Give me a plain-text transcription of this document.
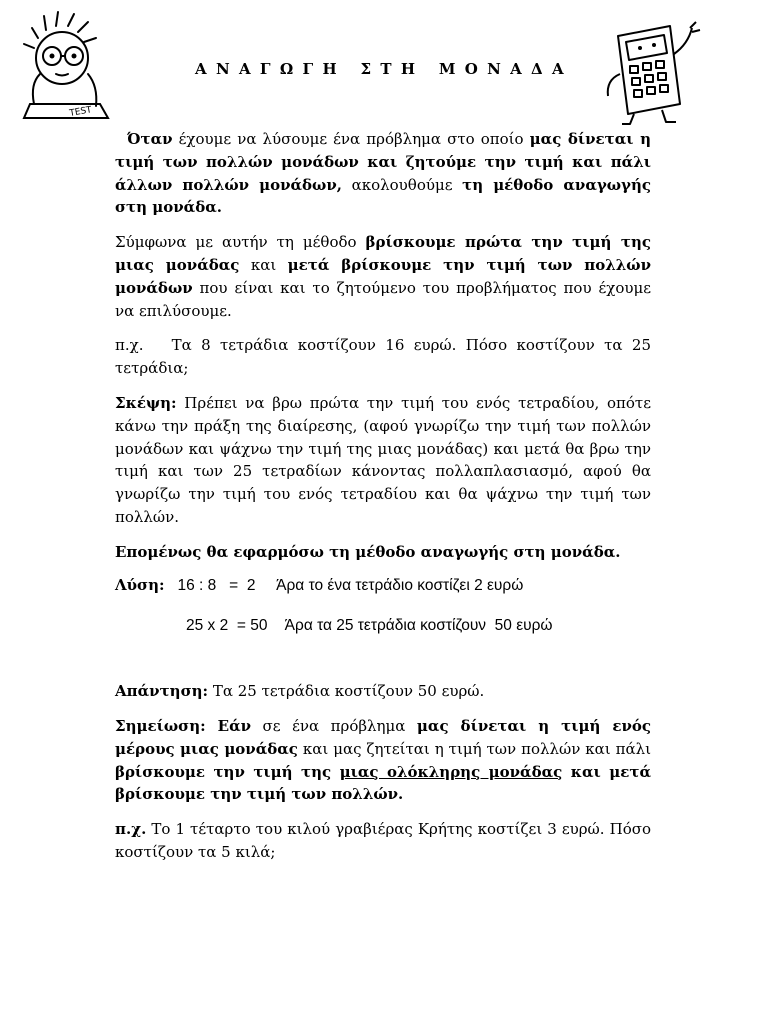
ΑΝΑΓΩΓΗ ΣΤΗ ΜΟΝΑΔΑ
TEST

Όταν έχουμε να λύσουμε ένα πρόβλημα στο οποίο μας δίνεται η τιμή των πολλών μονάδων και ζητούμε την τιμή και πάλι άλλων πολλών μονάδων, ακολουθούμε τη μέθοδο αναγωγής στη μονάδα.

Σύμφωνα με αυτήν τη μέθοδο βρίσκουμε πρώτα την τιμή της μιας μονάδας και μετά βρίσκουμε την τιμή των πολλών μονάδων που είναι και το ζητούμενο του προβλήματος που έχουμε να επιλύσουμε.

π.χ.   Τα 8 τετράδια κοστίζουν 16 ευρώ. Πόσο κοστίζουν τα 25 τετράδια;

Σκέψη: Πρέπει να βρω πρώτα την τιμή του ενός τετραδίου, οπότε κάνω την πράξη της διαίρεσης, (αφού γνωρίζω την τιμή των πολλών μονάδων και ψάχνω την τιμή της μιας μονάδας) και μετά θα βρω την τιμή και των 25 τετραδίων κάνοντας πολλαπλασιασμό, αφού θα γνωρίζω την τιμή του ενός τετραδίου και θα ψάχνω την τιμή των πολλών.

Επομένως θα εφαρμόσω τη μέθοδο αναγωγής στη μονάδα.

Λύση:   16 : 8   =  2     Άρα το ένα τετράδιο κοστίζει 2 ευρώ

25 x 2  = 50    Άρα τα 25 τετράδια κοστίζουν  50 ευρώ

Απάντηση: Τα 25 τετράδια κοστίζουν 50 ευρώ.

Σημείωση: Εάν σε ένα πρόβλημα μας δίνεται η τιμή ενός μέρους μιας μονάδας και μας ζητείται η τιμή των πολλών και πάλι βρίσκουμε την τιμή της μιας ολόκληρης μονάδας και μετά βρίσκουμε την τιμή των πολλών.

π.χ. Το 1 τέταρτο του κιλού γραβιέρας Κρήτης κοστίζει 3 ευρώ. Πόσο κοστίζουν τα 5 κιλά;
